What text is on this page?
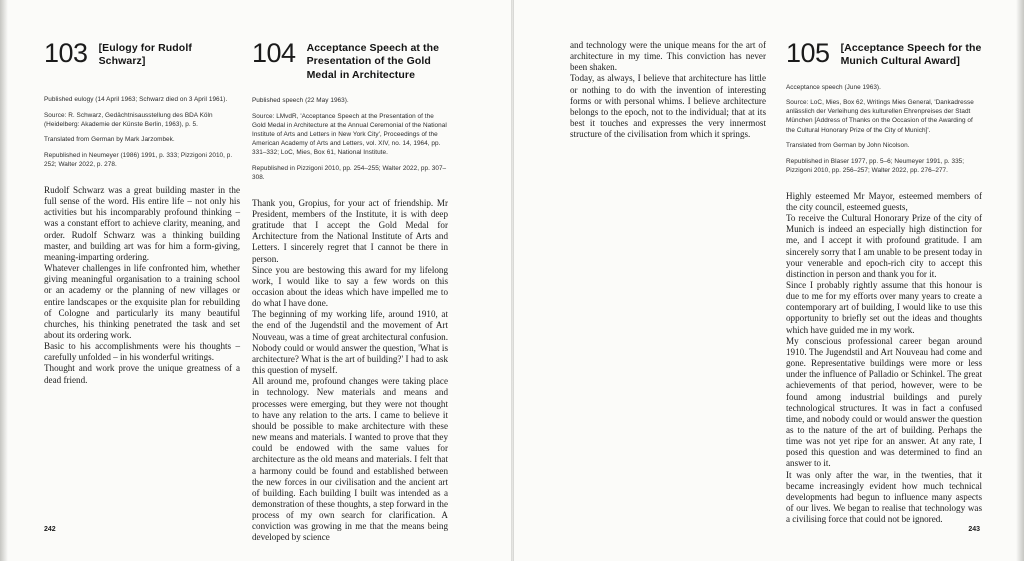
103 [Eulogy for Rudolf Schwarz]

Published eulogy (14 April 1963; Schwarz died on 3 April 1961).

Source: R. Schwarz, Gedächtnisausstellung des BDA Köln (Heidelberg: Akademie der Künste Berlin, 1963), p. 5.

Translated from German by Mark Jarzombek.

Republished in Neumeyer (1986) 1991, p. 333; Pizzigoni 2010, p. 252; Walter 2022, p. 278.

Rudolf Schwarz was a great building master in the full sense of the word. His entire life – not only his activities but his incomparably profound thinking – was a constant effort to achieve clarity, meaning, and order. Rudolf Schwarz was a thinking building master, and building art was for him a form-giving, meaning-imparting ordering.

Whatever challenges in life confronted him, whether giving meaningful organisation to a training school or an academy or the planning of new villages or entire landscapes or the exquisite plan for rebuilding of Cologne and particularly its many beautiful churches, his thinking penetrated the task and set about its ordering work.

Basic to his accomplishments were his thoughts – carefully unfolded – in his wonderful writings.

Thought and work prove the unique greatness of a dead friend.

104 Acceptance Speech at the Presentation of the Gold Medal in Architecture

Published speech (22 May 1963).

Source: LMvdR, 'Acceptance Speech at the Presentation of the Gold Medal in Architecture at the Annual Ceremonial of the National Institute of Arts and Letters in New York City', Proceedings of the American Academy of Arts and Letters, vol. XIV, no. 14, 1964, pp. 331–332; LoC, Mies, Box 61, National Institute.

Republished in Pizzigoni 2010, pp. 254–255; Walter 2022, pp. 307–308.

Thank you, Gropius, for your act of friendship. Mr President, members of the Institute, it is with deep gratitude that I accept the Gold Medal for Architecture from the National Institute of Arts and Letters. I sincerely regret that I cannot be there in person.

Since you are bestowing this award for my lifelong work, I would like to say a few words on this occasion about the ideas which have impelled me to do what I have done.

The beginning of my working life, around 1910, at the end of the Jugendstil and the movement of Art Nouveau, was a time of great architectural confusion. Nobody could or would answer the question, 'What is architecture? What is the art of building?' I had to ask this question of myself.

All around me, profound changes were taking place in technology. New materials and means and processes were emerging, but they were not thought to have any relation to the arts. I came to believe it should be possible to make architecture with these new means and materials. I wanted to prove that they could be endowed with the same values for architecture as the old means and materials. I felt that a harmony could be found and established between the new forces in our civilisation and the ancient art of building. Each building I built was intended as a demonstration of these thoughts, a step forward in the process of my own search for clarification. A conviction was growing in me that the means being developed by science

and technology were the unique means for the art of architecture in my time. This conviction has never been shaken.

Today, as always, I believe that architecture has little or nothing to do with the invention of interesting forms or with personal whims. I believe architecture belongs to the epoch, not to the individual; that at its best it touches and expresses the very innermost structure of the civilisation from which it springs.

105 [Acceptance Speech for the Munich Cultural Award]

Acceptance speech (June 1963).

Source: LoC, Mies, Box 62, Writings Mies General, 'Dankadresse anlässlich der Verleihung des kulturellen Ehrenpreises der Stadt München [Address of Thanks on the Occasion of the Awarding of the Cultural Honorary Prize of the City of Munich]'.

Translated from German by John Nicolson.

Republished in Blaser 1977, pp. 5–6; Neumeyer 1991, p. 335; Pizzigoni 2010, pp. 256–257; Walter 2022, pp. 276–277.

Highly esteemed Mr Mayor, esteemed members of the city council, esteemed guests,

To receive the Cultural Honorary Prize of the city of Munich is indeed an especially high distinction for me, and I accept it with profound gratitude. I am sincerely sorry that I am unable to be present today in your venerable and epoch-rich city to accept this distinction in person and thank you for it.

Since I probably rightly assume that this honour is due to me for my efforts over many years to create a contemporary art of building, I would like to use this opportunity to briefly set out the ideas and thoughts which have guided me in my work.

My conscious professional career began around 1910. The Jugendstil and Art Nouveau had come and gone. Representative buildings were more or less under the influence of Palladio or Schinkel. The great achievements of that period, however, were to be found among industrial buildings and purely technological structures. It was in fact a confused time, and nobody could or would answer the question as to the nature of the art of building. Perhaps the time was not yet ripe for an answer. At any rate, I posed this question and was determined to find an answer to it.

It was only after the war, in the twenties, that it became increasingly evident how much technical developments had begun to influence many aspects of our lives. We began to realise that technology was a civilising force that could not be ignored.

242	243
